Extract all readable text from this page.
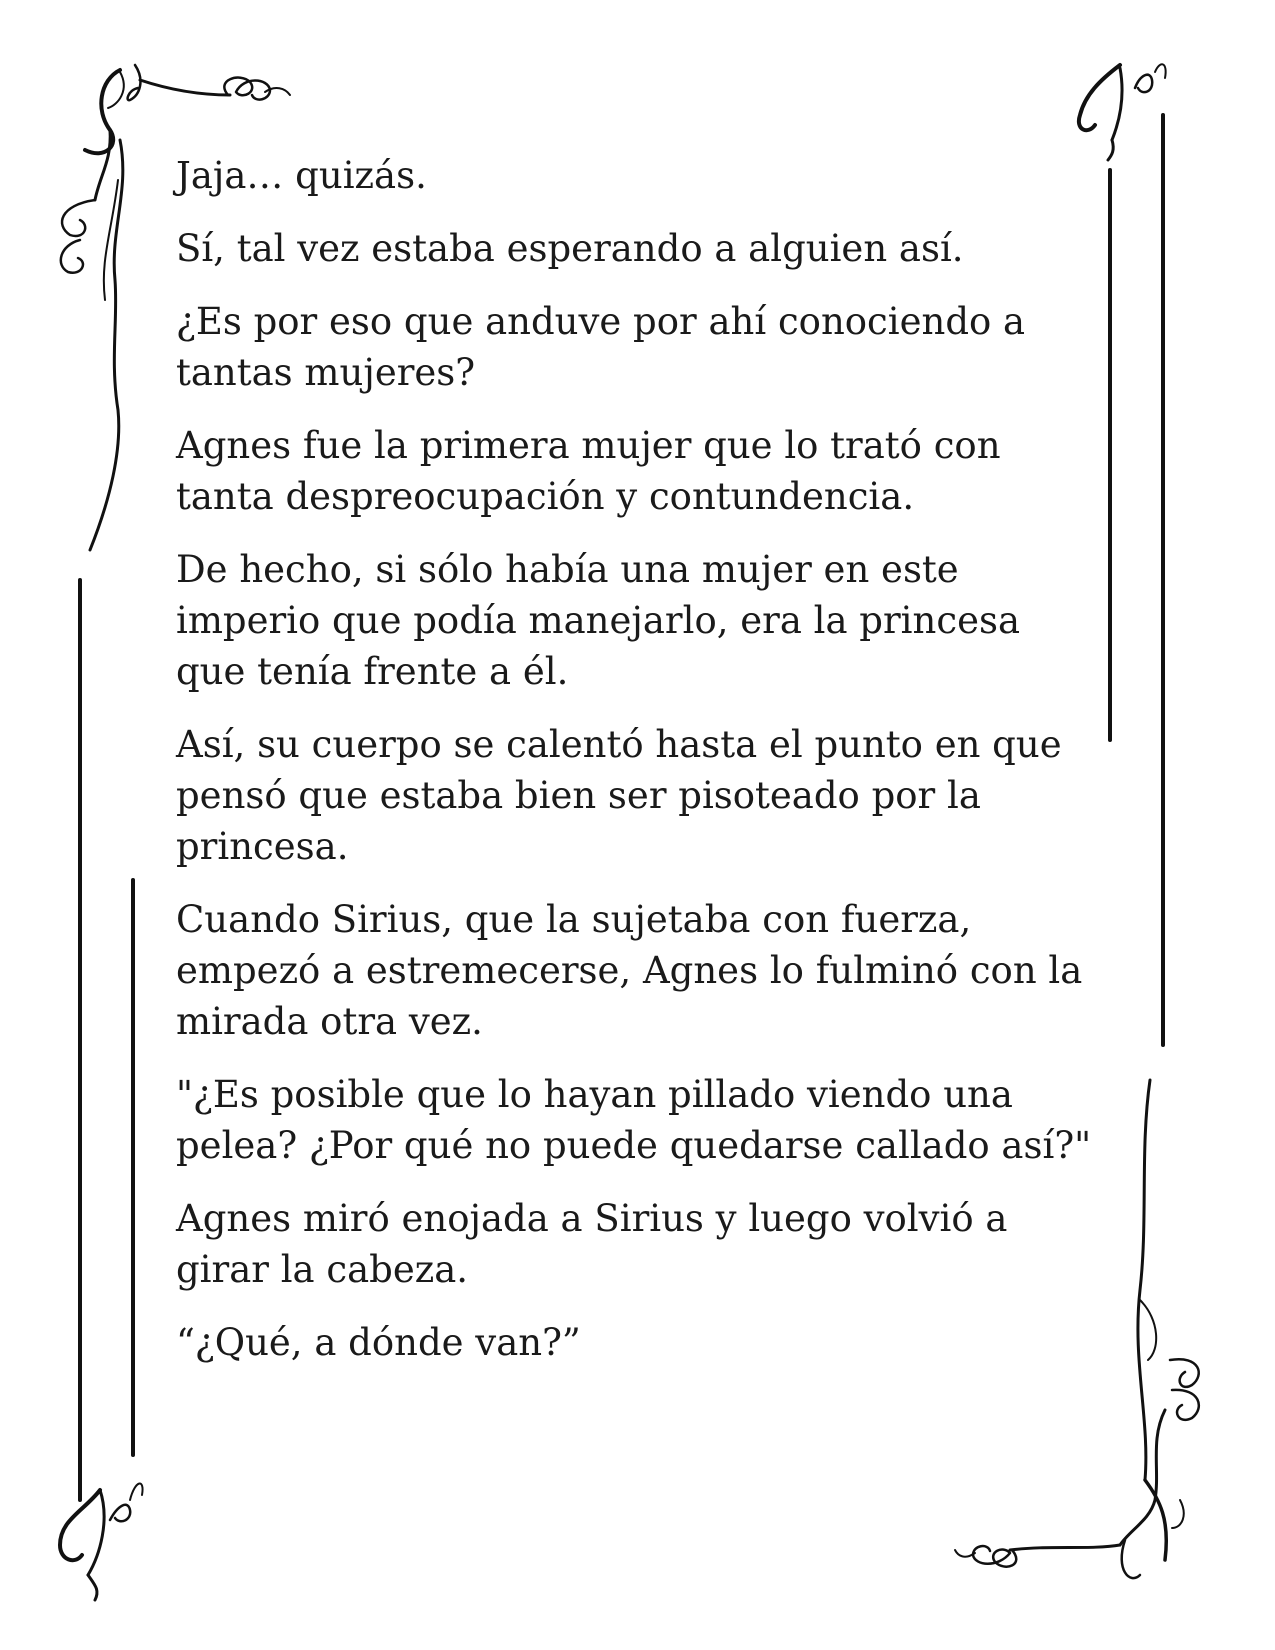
Jaja… quizás.

Sí, tal vez estaba esperando a alguien así.

¿Es por eso que anduve por ahí conociendo a
tantas mujeres?

Agnes fue la primera mujer que lo trató con
tanta despreocupación y contundencia.

De hecho, si sólo había una mujer en este
imperio que podía manejarlo, era la princesa
que tenía frente a él.

Así, su cuerpo se calentó hasta el punto en que
pensó que estaba bien ser pisoteado por la
princesa.

Cuando Sirius, que la sujetaba con fuerza,
empezó a estremecerse, Agnes lo fulminó con la
mirada otra vez.

"¿Es posible que lo hayan pillado viendo una
pelea? ¿Por qué no puede quedarse callado así?"

Agnes miró enojada a Sirius y luego volvió a
girar la cabeza.

“¿Qué, a dónde van?”
